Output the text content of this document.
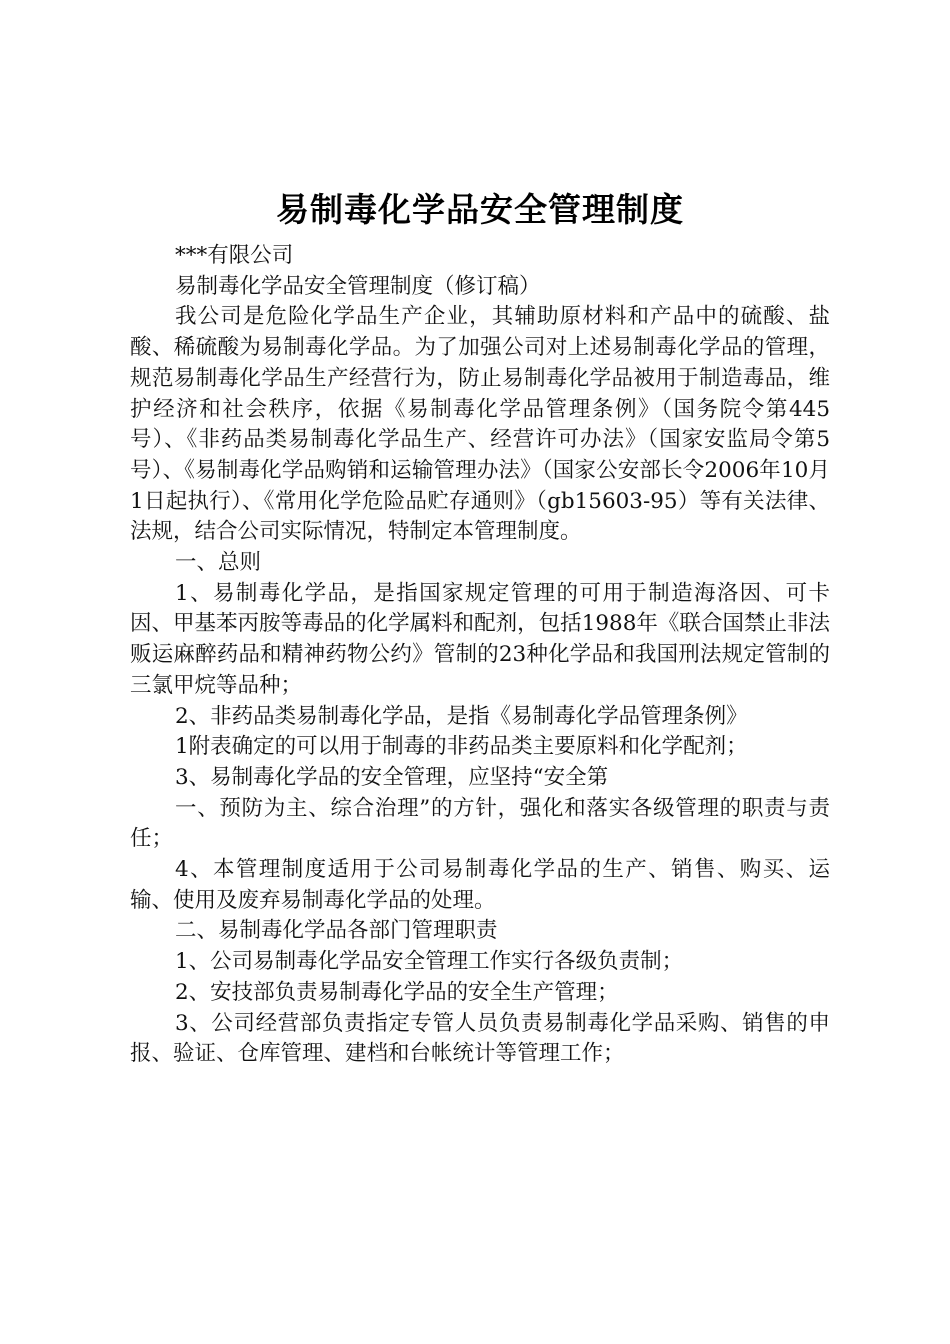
易制毒化学品安全管理制度

***有限公司

易制毒化学品安全管理制度（修订稿）

我公司是危险化学品生产企业，其辅助原材料和产品中的硫酸、盐酸、稀硫酸为易制毒化学品。为了加强公司对上述易制毒化学品的管理，规范易制毒化学品生产经营行为，防止易制毒化学品被用于制造毒品，维护经济和社会秩序，依据《易制毒化学品管理条例》（国务院令第445号）、《非药品类易制毒化学品生产、经营许可办法》（国家安监局令第5号）、《易制毒化学品购销和运输管理办法》（国家公安部长令2006年10月1日起执行）、《常用化学危险品贮存通则》（gb15603-95）等有关法律、法规，结合公司实际情况，特制定本管理制度。

一、总则

1、易制毒化学品，是指国家规定管理的可用于制造海洛因、可卡因、甲基苯丙胺等毒品的化学属料和配剂，包括1988年《联合国禁止非法贩运麻醉药品和精神药物公约》管制的23种化学品和我国刑法规定管制的三氯甲烷等品种；

2、非药品类易制毒化学品，是指《易制毒化学品管理条例》

1附表确定的可以用于制毒的非药品类主要原料和化学配剂；

3、易制毒化学品的安全管理，应坚持“安全第

一、预防为主、综合治理”的方针，强化和落实各级管理的职责与责任；

4、本管理制度适用于公司易制毒化学品的生产、销售、购买、运输、使用及废弃易制毒化学品的处理。

二、易制毒化学品各部门管理职责

1、公司易制毒化学品安全管理工作实行各级负责制；

2、安技部负责易制毒化学品的安全生产管理；

3、公司经营部负责指定专管人员负责易制毒化学品采购、销售的申报、验证、仓库管理、建档和台帐统计等管理工作；
